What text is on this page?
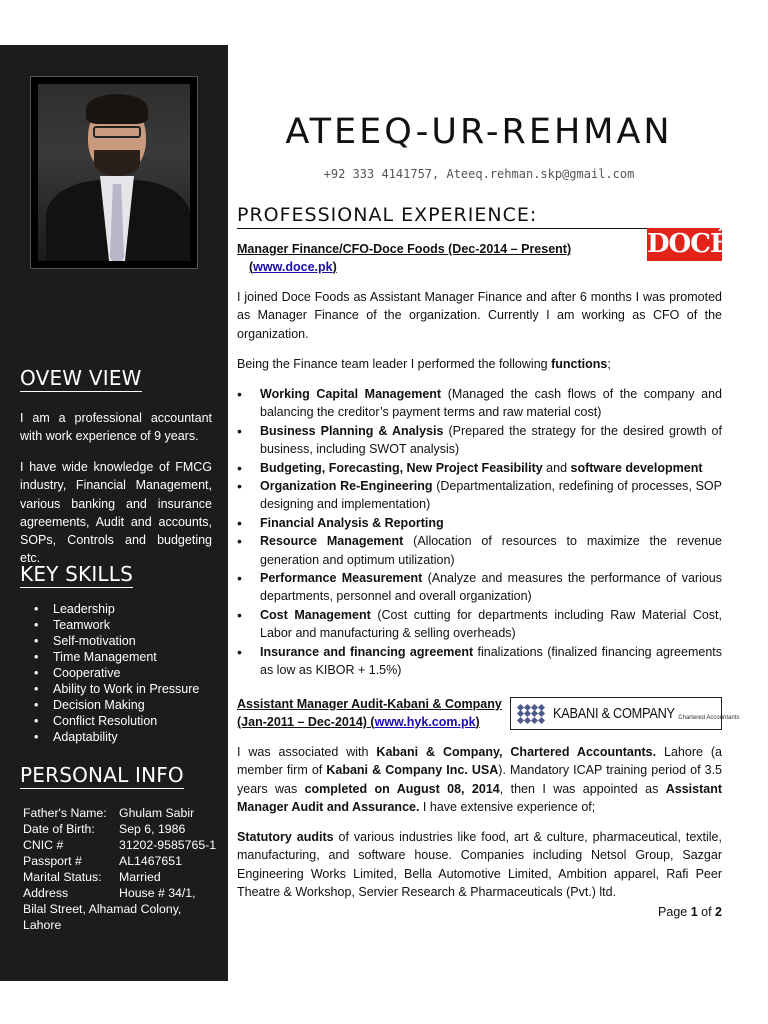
OVEW VIEW

I am a professional accountant with work experience of 9 years.

I have wide knowledge of FMCG industry, Financial Management, various banking and insurance agreements, Audit and accounts, SOPs, Controls and budgeting etc.

KEY SKILLS
• Leadership
• Teamwork
• Self-motivation
• Time Management
• Cooperative
• Ability to Work in Pressure
• Decision Making
• Conflict Resolution
• Adaptability
PERSONAL INFO
Father's Name:	Ghulam Sabir
Date of Birth:	Sep 6, 1986
CNIC #	31202-9585765-1
Passport #	AL1467651
Marital Status:	Married
Address	House # 34/1,
Bilal Street, Alhamad Colony, Lahore
ATEEQ-UR-REHMAN
+92 333 4141757, Ateeq.rehman.skp@gmail.com
PROFESSIONAL EXPERIENCE:
Manager Finance/CFO-Doce Foods (Dec-2014 – Present)
(www.doce.pk)
DOCÉ

I joined Doce Foods as Assistant Manager Finance and after 6 months I was promoted as Manager Finance of the organization. Currently I am working as CFO of the organization.

Being the Finance team leader I performed the following functions;

• Working Capital Management (Managed the cash flows of the company and balancing the creditor’s payment terms and raw material cost)
• Business Planning & Analysis (Prepared the strategy for the desired growth of business, including SWOT analysis)
• Budgeting, Forecasting, New Project Feasibility and software development
• Organization Re-Engineering (Departmentalization, redefining of processes, SOP designing and implementation)
• Financial Analysis & Reporting
• Resource Management (Allocation of resources to maximize the revenue generation and optimum utilization)
• Performance Measurement (Analyze and measures the performance of various departments, personnel and overall organization)
• Cost Management (Cost cutting for departments including Raw Material Cost, Labor and manufacturing & selling overheads)
• Insurance and financing agreement finalizations (finalized financing agreements as low as KIBOR + 1.5%)
Assistant Manager Audit-Kabani & Company
(Jan-2011 – Dec-2014) (www.hyk.com.pk)	KABANI & COMPANY Chartered Accountants

I was associated with Kabani & Company, Chartered Accountants. Lahore (a member firm of Kabani & Company Inc. USA). Mandatory ICAP training period of 3.5 years was completed on August 08, 2014, then I was appointed as Assistant Manager Audit and Assurance. I have extensive experience of;

Statutory audits of various industries like food, art & culture, pharmaceutical, textile, manufacturing, and software house. Companies including Netsol Group, Sazgar Engineering Works Limited, Bella Automotive Limited, Ambition apparel, Rafi Peer Theatre & Workshop, Servier Research & Pharmaceuticals (Pvt.) ltd.

Page 1 of 2
